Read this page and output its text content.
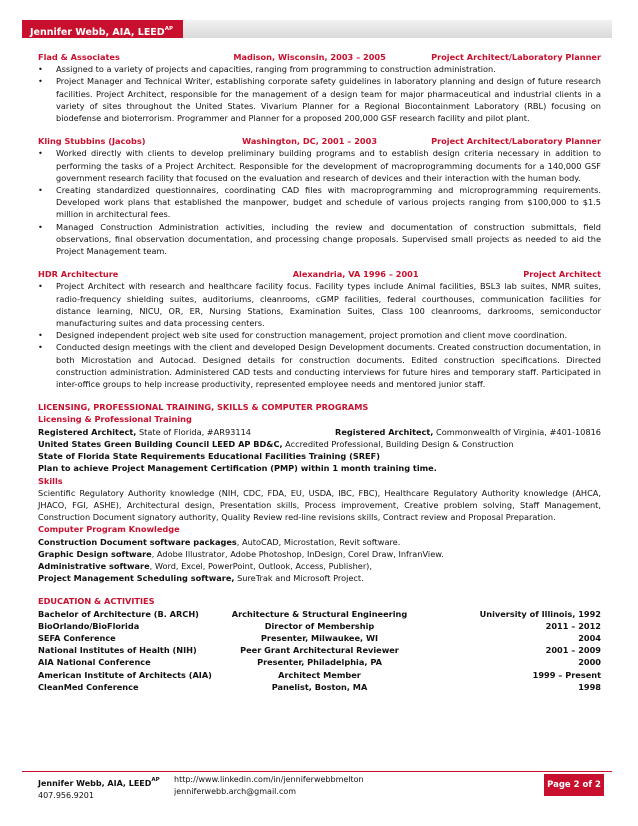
Jennifer Webb, AIA, $LEED^{AP}$
Flad & Associates	Madison, Wisconsin, 2003 – 2005	Project Architect/Laboratory Planner
• Assigned to a variety of projects and capacities, ranging from programming to construction administration.
• Project Manager and Technical Writer, establishing corporate safety guidelines in laboratory planning and design of future research facilities. Project Architect, responsible for the management of a design team for major pharmaceutical and industrial clients in a variety of sites throughout the United States. Vivarium Planner for a Regional Biocontainment Laboratory (RBL) focusing on biodefense and bioterrorism. Programmer and Planner for a proposed 200,000 GSF research facility and pilot plant.
Kling Stubbins (Jacobs)	Washington, DC, 2001 – 2003	Project Architect/Laboratory Planner
• Worked directly with clients to develop preliminary building programs and to establish design criteria necessary in addition to performing the tasks of a Project Architect. Responsible for the development of macroprogramming documents for a 140,000 GSF government research facility that focused on the evaluation and research of devices and their interaction with the human body.
• Creating standardized questionnaires, coordinating CAD files with macroprogramming and microprogramming requirements. Developed work plans that established the manpower, budget and schedule of various projects ranging from $100,000 to $1.5 million in architectural fees.
• Managed Construction Administration activities, including the review and documentation of construction submittals, field observations, final observation documentation, and processing change proposals. Supervised small projects as needed to aid the Project Management team.
HDR Architecture	Alexandria, VA 1996 – 2001	Project Architect
• Project Architect with research and healthcare facility focus. Facility types include Animal facilities, BSL3 lab suites, NMR suites, radio-frequency shielding suites, auditoriums, cleanrooms, cGMP facilities, federal courthouses, communication facilities for distance learning, NICU, OR, ER, Nursing Stations, Examination Suites, Class 100 cleanrooms, darkrooms, semiconductor manufacturing suites and data processing centers.
• Designed independent project web site used for construction management, project promotion and client move coordination.
• Conducted design meetings with the client and developed Design Development documents. Created construction documentation, in both Microstation and Autocad. Designed details for construction documents. Edited construction specifications. Directed construction administration. Administered CAD tests and conducting interviews for future hires and temporary staff. Participated in inter-office groups to help increase productivity, represented employee needs and mentored junior staff.
LICENSING, PROFESSIONAL TRAINING, SKILLS & COMPUTER PROGRAMS
Licensing & Professional Training
Registered Architect, State of Florida, #AR93114	Registered Architect, Commonwealth of Virginia, #401-10816
United States Green Building Council LEED AP BD&C, Accredited Professional, Building Design & Construction
State of Florida State Requirements Educational Facilities Training (SREF)
Plan to achieve Project Management Certification (PMP) within 1 month training time.
Skills
Scientific Regulatory Authority knowledge (NIH, CDC, FDA, EU, USDA, IBC, FBC), Healthcare Regulatory Authority knowledge (AHCA, JHACO, FGI, ASHE), Architectural design, Presentation skills, Process improvement, Creative problem solving, Staff Management, Construction Document signatory authority, Quality Review red-line revisions skills, Contract review and Proposal Preparation.
Computer Program Knowledge
Construction Document software packages, AutoCAD, Microstation, Revit software.
Graphic Design software, Adobe Illustrator, Adobe Photoshop, InDesign, Corel Draw, InfranView.
Administrative software, Word, Excel, PowerPoint, Outlook, Access, Publisher),
Project Management Scheduling software, SureTrak and Microsoft Project.
EDUCATION & ACTIVITIES
Bachelor of Architecture (B. ARCH)	Architecture & Structural Engineering	University of Illinois, 1992
BioOrlando/BioFlorida	Director of Membership	2011 – 2012
SEFA Conference	Presenter, Milwaukee, WI	2004
National Institutes of Health (NIH)	Peer Grant Architectural Reviewer	2001 – 2009
AIA National Conference	Presenter, Philadelphia, PA	2000
American Institute of Architects (AIA)	Architect Member	1999 – Present
CleanMed Conference	Panelist, Boston, MA	1998
Jennifer Webb, AIA, $LEED^{AP}$
407.956.9201
http://www.linkedin.com/in/jenniferwebbmelton
jenniferwebb.arch@gmail.com
Page 2 of 2
